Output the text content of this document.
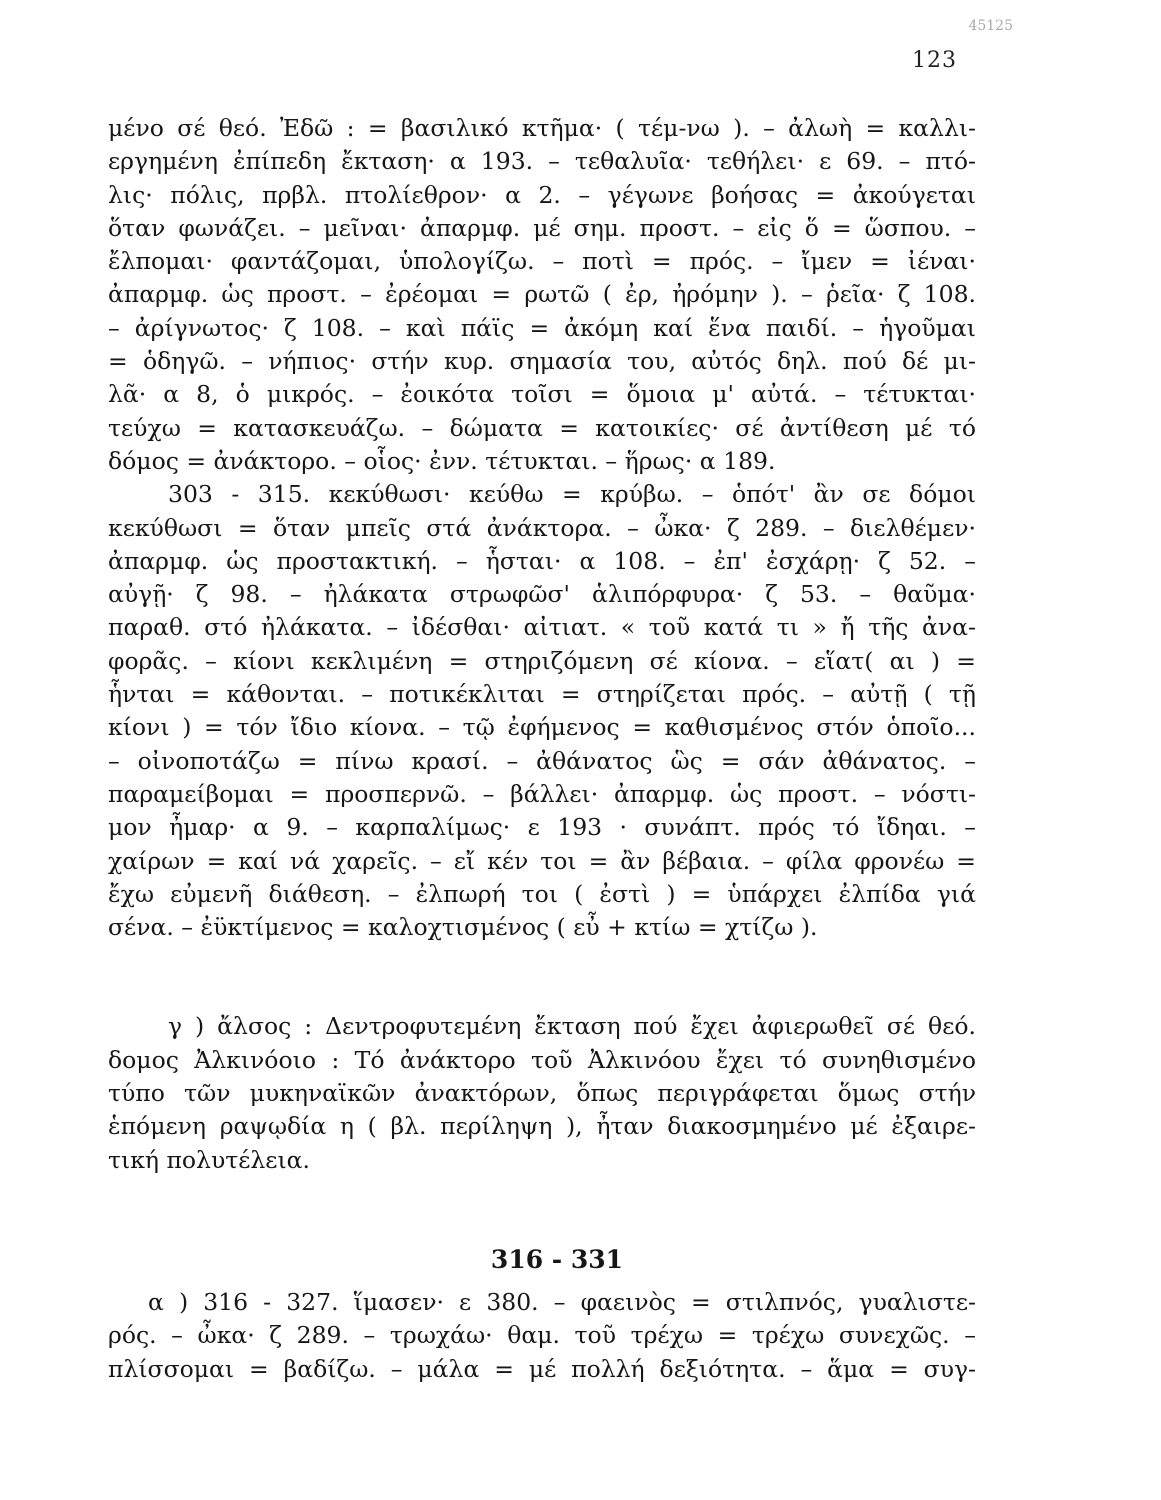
45125
123
μένο σέ θεό. Ἐδῶ : = βασιλικό κτῆμα· ( τέμ-νω ). – ἀλωὴ = καλλι-
εργημένη ἐπίπεδη ἔκταση· α 193. – τεθαλυῖα· τεθήλει· ε 69. – πτό-
λις· πόλις, πρβλ. πτολίεθρον· α 2. – γέγωνε βοήσας = ἀκούγεται
ὅταν φωνάζει. – μεῖναι· ἀπαρμφ. μέ σημ. προστ. – εἰς ὅ = ὥσπου. –
ἔλπομαι· φαντάζομαι, ὑπολογίζω. – ποτὶ = πρός. – ἴμεν = ἰέναι·
ἀπαρμφ. ὡς προστ. – ἐρέομαι = ρωτῶ ( ἐρ, ἠρόμην ). – ῥεῖα· ζ 108.
– ἀρίγνωτος· ζ 108. – καὶ πάϊς = ἀκόμη καί ἕνα παιδί. – ἡγοῦμαι
= ὁδηγῶ. – νήπιος· στήν κυρ. σημασία του, αὐτός δηλ. πού δέ μι-
λᾶ· α 8, ὁ μικρός. – ἐοικότα τοῖσι = ὅμοια μ' αὐτά. – τέτυκται·
τεύχω = κατασκευάζω. – δώματα = κατοικίες· σέ ἀντίθεση μέ τό
δόμος = ἀνάκτορο. – οἷος· ἐνν. τέτυκται. – ἥρως· α 189.
303 - 315. κεκύθωσι· κεύθω = κρύβω. – ὁπότ' ἂν σε δόμοι
κεκύθωσι = ὅταν μπεῖς στά ἀνάκτορα. – ὦκα· ζ 289. – διελθέμεν·
ἀπαρμφ. ὡς προστακτική. – ἧσται· α 108. – ἐπ' ἐσχάρῃ· ζ 52. –
αὐγῇ· ζ 98. – ἠλάκατα στρωφῶσ' ἁλιπόρφυρα· ζ 53. – θαῦμα·
παραθ. στό ἠλάκατα. – ἰδέσθαι· αἰτιατ. « τοῦ κατά τι » ἤ τῆς ἀνα-
φορᾶς. – κίονι κεκλιμένη = στηριζόμενη σέ κίονα. – εἵατ( αι ) =
ἧνται = κάθονται. – ποτικέκλιται = στηρίζεται πρός. – αὐτῇ ( τῇ
κίονι ) = τόν ἴδιο κίονα. – τῷ ἐφήμενος = καθισμένος στόν ὁποῖο...
– οἰνοποτάζω = πίνω κρασί. – ἀθάνατος ὣς = σάν ἀθάνατος. –
παραμείβομαι = προσπερνῶ. – βάλλει· ἀπαρμφ. ὡς προστ. – νόστι-
μον ἦμαρ· α 9. – καρπαλίμως· ε 193 · συνάπτ. πρός τό ἴδηαι. –
χαίρων = καί νά χαρεῖς. – εἴ κέν τοι = ἂν βέβαια. – φίλα φρονέω =
ἔχω εὐμενῆ διάθεση. – ἐλπωρή τοι ( ἐστὶ ) = ὑπάρχει ἐλπίδα γιά
σένα. – ἐϋκτίμενος = καλοχτισμένος ( εὖ + κτίω = χτίζω ).
γ ) ἄλσος : Δεντροφυτεμένη ἔκταση πού ἔχει ἀφιερωθεῖ σέ θεό.
δομος Ἀλκινόοιο : Τό ἀνάκτορο τοῦ Ἀλκινόου ἔχει τό συνηθισμένο
τύπο τῶν μυκηναϊκῶν ἀνακτόρων, ὅπως περιγράφεται ὅμως στήν
ἑπόμενη ραψῳδία η ( βλ. περίληψη ), ἦταν διακοσμημένο μέ ἐξαιρε-
τική πολυτέλεια.
316 - 331
α ) 316 - 327. ἵμασεν· ε 380. – φαεινὸς = στιλπνός, γυαλιστε-
ρός. – ὦκα· ζ 289. – τρωχάω· θαμ. τοῦ τρέχω = τρέχω συνεχῶς. –
πλίσσομαι = βαδίζω. – μάλα = μέ πολλή δεξιότητα. – ἅμα = συγ-
